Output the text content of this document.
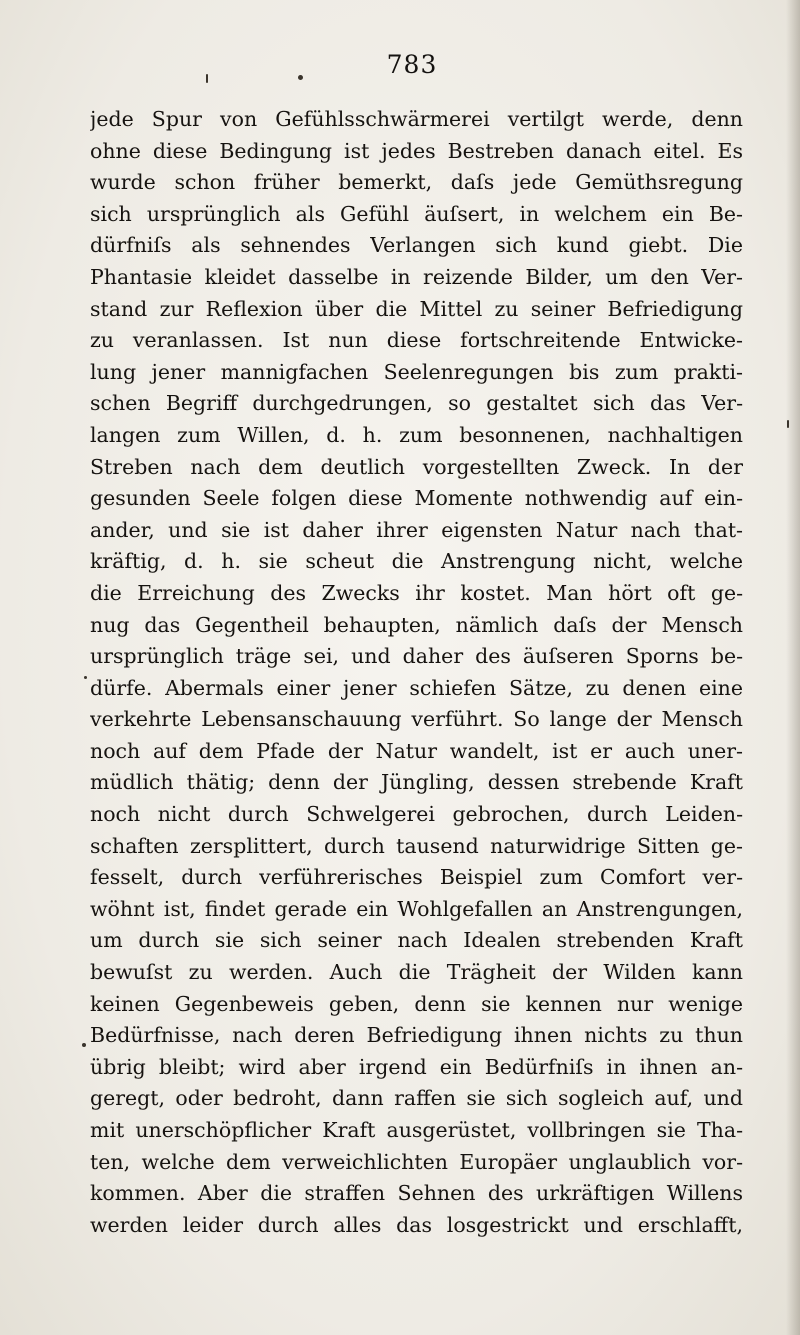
783
jede Spur von Gefühlsschwärmerei vertilgt werde, denn
ohne diese Bedingung ist jedes Bestreben danach eitel. Es
wurde schon früher bemerkt, daſs jede Gemüthsregung
sich ursprünglich als Gefühl äuſsert, in welchem ein Be-
dürfniſs als sehnendes Verlangen sich kund giebt. Die
Phantasie kleidet dasselbe in reizende Bilder, um den Ver-
stand zur Reflexion über die Mittel zu seiner Befriedigung
zu veranlassen. Ist nun diese fortschreitende Entwicke-
lung jener mannigfachen Seelenregungen bis zum prakti-
schen Begriff durchgedrungen, so gestaltet sich das Ver-
langen zum Willen, d. h. zum besonnenen, nachhaltigen
Streben nach dem deutlich vorgestellten Zweck. In der
gesunden Seele folgen diese Momente nothwendig auf ein-
ander, und sie ist daher ihrer eigensten Natur nach that-
kräftig, d. h. sie scheut die Anstrengung nicht, welche
die Erreichung des Zwecks ihr kostet. Man hört oft ge-
nug das Gegentheil behaupten, nämlich daſs der Mensch
ursprünglich träge sei, und daher des äuſseren Sporns be-
dürfe. Abermals einer jener schiefen Sätze, zu denen eine
verkehrte Lebensanschauung verführt. So lange der Mensch
noch auf dem Pfade der Natur wandelt, ist er auch uner-
müdlich thätig; denn der Jüngling, dessen strebende Kraft
noch nicht durch Schwelgerei gebrochen, durch Leiden-
schaften zersplittert, durch tausend naturwidrige Sitten ge-
fesselt, durch verführerisches Beispiel zum Comfort ver-
wöhnt ist, findet gerade ein Wohlgefallen an Anstrengungen,
um durch sie sich seiner nach Idealen strebenden Kraft
bewuſst zu werden. Auch die Trägheit der Wilden kann
keinen Gegenbeweis geben, denn sie kennen nur wenige
Bedürfnisse, nach deren Befriedigung ihnen nichts zu thun
übrig bleibt; wird aber irgend ein Bedürfniſs in ihnen an-
geregt, oder bedroht, dann raffen sie sich sogleich auf, und
mit unerschöpflicher Kraft ausgerüstet, vollbringen sie Tha-
ten, welche dem verweichlichten Europäer unglaublich vor-
kommen. Aber die straffen Sehnen des urkräftigen Willens
werden leider durch alles das losgestrickt und erschlafft,
